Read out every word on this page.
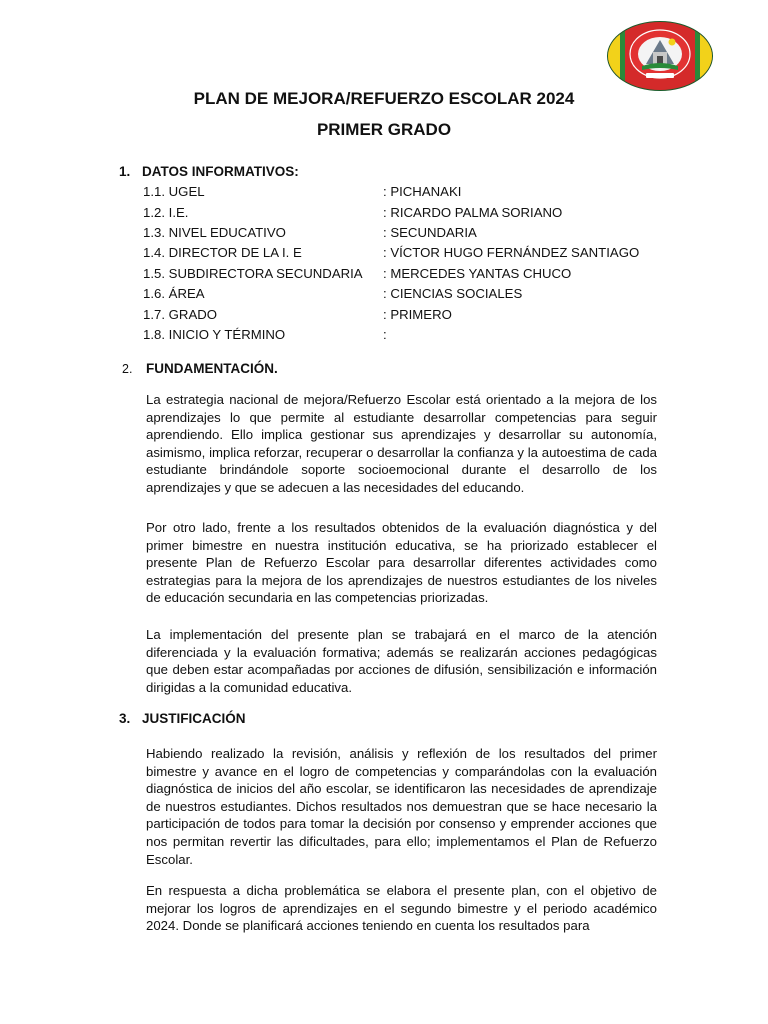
PLAN DE MEJORA/REFUERZO ESCOLAR 2024
PRIMER GRADO
1. DATOS INFORMATIVOS:
1.1. UGEL	: PICHANAKI
1.2. I.E.	: RICARDO PALMA SORIANO
1.3. NIVEL EDUCATIVO	: SECUNDARIA
1.4. DIRECTOR DE LA I. E	: VÍCTOR HUGO FERNÁNDEZ SANTIAGO
1.5. SUBDIRECTORA SECUNDARIA	: MERCEDES YANTAS CHUCO
1.6. ÁREA	: CIENCIAS SOCIALES
1.7. GRADO	: PRIMERO
1.8. INICIO Y TÉRMINO	:
2.	FUNDAMENTACIÓN.

La estrategia nacional de mejora/Refuerzo Escolar está orientado a la mejora de los aprendizajes lo que permite al estudiante desarrollar competencias para seguir aprendiendo. Ello implica gestionar sus aprendizajes y desarrollar su autonomía, asimismo, implica reforzar, recuperar o desarrollar la confianza y la autoestima de cada estudiante brindándole soporte socioemocional durante el desarrollo de los aprendizajes y que se adecuen a las necesidades del educando.

Por otro lado, frente a los resultados obtenidos de la evaluación diagnóstica y del primer bimestre en nuestra institución educativa, se ha priorizado establecer el presente Plan de Refuerzo Escolar para desarrollar diferentes actividades como estrategias para la mejora de los aprendizajes de nuestros estudiantes de los niveles de educación secundaria en las competencias priorizadas.

La implementación del presente plan se trabajará en el marco de la atención diferenciada y la evaluación formativa; además se realizarán acciones pedagógicas que deben estar acompañadas por acciones de difusión, sensibilización e información dirigidas a la comunidad educativa.

3. JUSTIFICACIÓN

Habiendo realizado la revisión, análisis y reflexión de los resultados del primer bimestre y avance en el logro de competencias y comparándolas con la evaluación diagnóstica de inicios del año escolar, se identificaron las necesidades de aprendizaje de nuestros estudiantes. Dichos resultados nos demuestran que se hace necesario la participación de todos para tomar la decisión por consenso y emprender acciones que nos permitan revertir las dificultades, para ello; implementamos el Plan de Refuerzo Escolar.

En respuesta a dicha problemática se elabora el presente plan, con el objetivo de mejorar los logros de aprendizajes en el segundo bimestre y el periodo académico 2024. Donde se planificará acciones teniendo en cuenta los resultados para
